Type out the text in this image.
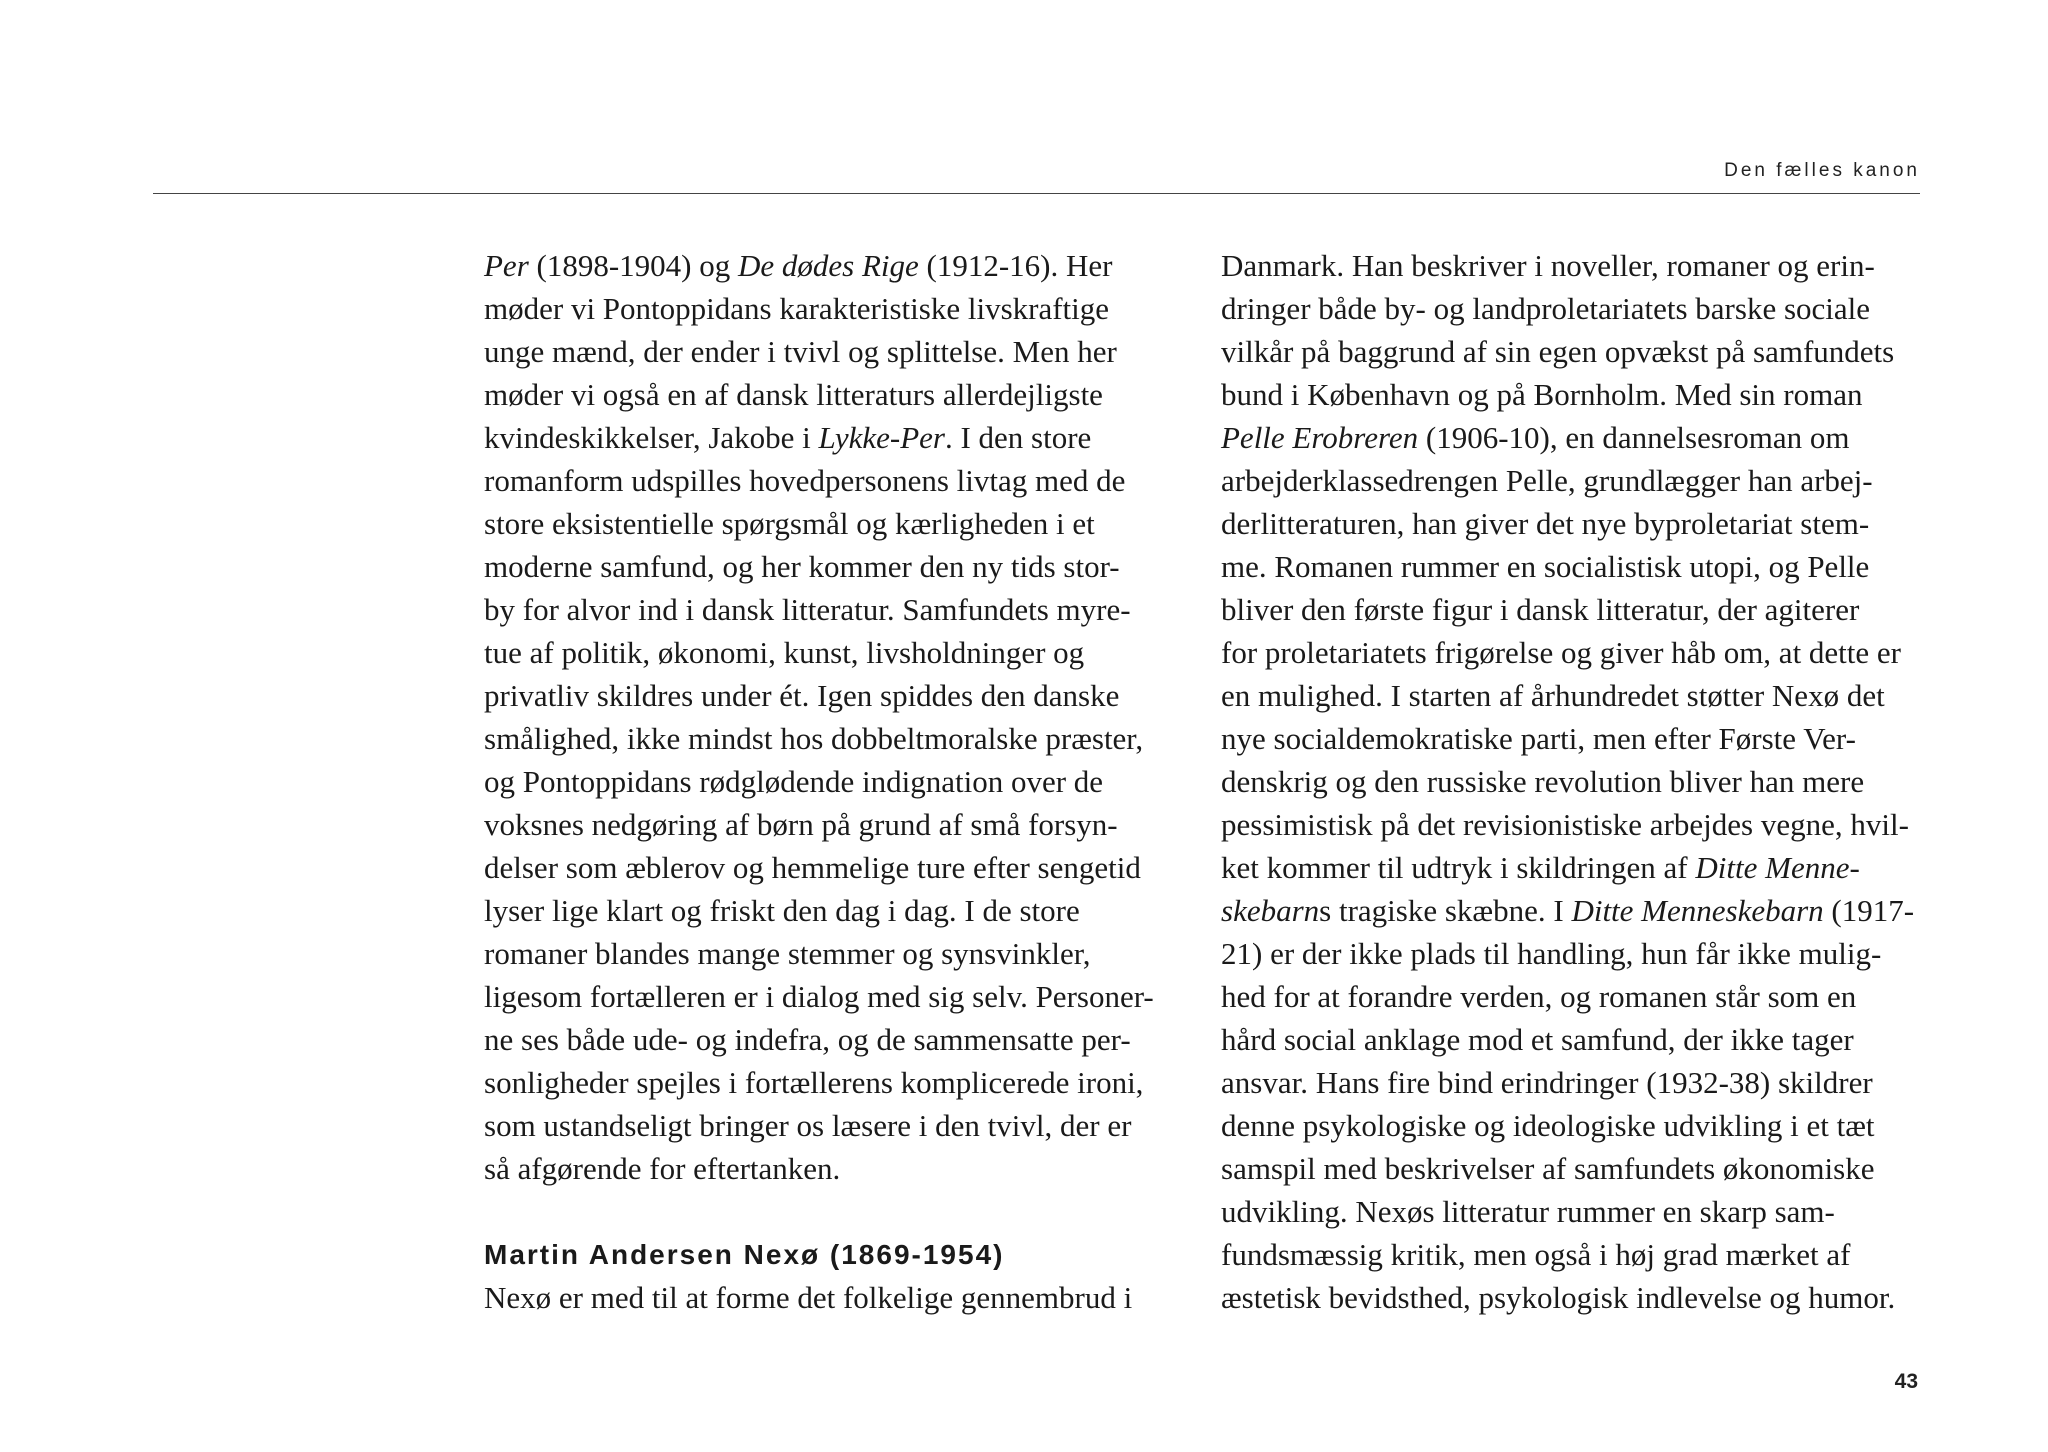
Den fælles kanon
Per (1898-1904) og De dødes Rige (1912-16). Her
møder vi Pontoppidans karakteristiske livskraftige
unge mænd, der ender i tvivl og splittelse. Men her
møder vi også en af dansk litteraturs allerdejligste
kvindeskikkelser, Jakobe i Lykke-Per. I den store
romanform udspilles hovedpersonens livtag med de
store eksistentielle spørgsmål og kærligheden i et
moderne samfund, og her kommer den ny tids stor-
by for alvor ind i dansk litteratur. Samfundets myre-
tue af politik, økonomi, kunst, livsholdninger og
privatliv skildres under ét. Igen spiddes den danske
smålighed, ikke mindst hos dobbeltmoralske præster,
og Pontoppidans rødglødende indignation over de
voksnes nedgøring af børn på grund af små forsyn-
delser som æblerov og hemmelige ture efter sengetid
lyser lige klart og friskt den dag i dag. I de store
romaner blandes mange stemmer og synsvinkler,
ligesom fortælleren er i dialog med sig selv. Personer-
ne ses både ude- og indefra, og de sammensatte per-
sonligheder spejles i fortællerens komplicerede ironi,
som ustandseligt bringer os læsere i den tvivl, der er
så afgørende for eftertanken.
Martin Andersen Nexø (1869-1954)
Nexø er med til at forme det folkelige gennembrud i
Danmark. Han beskriver i noveller, romaner og erin-
dringer både by- og landproletariatets barske sociale
vilkår på baggrund af sin egen opvækst på samfundets
bund i København og på Bornholm. Med sin roman
Pelle Erobreren (1906-10), en dannelsesroman om
arbejderklassedrengen Pelle, grundlægger han arbej-
derlitteraturen, han giver det nye byproletariat stem-
me. Romanen rummer en socialistisk utopi, og Pelle
bliver den første figur i dansk litteratur, der agiterer
for proletariatets frigørelse og giver håb om, at dette er
en mulighed. I starten af århundredet støtter Nexø det
nye socialdemokratiske parti, men efter Første Ver-
denskrig og den russiske revolution bliver han mere
pessimistisk på det revisionistiske arbejdes vegne, hvil-
ket kommer til udtryk i skildringen af Ditte Menne-
skebarns tragiske skæbne. I Ditte Menneskebarn (1917-
21) er der ikke plads til handling, hun får ikke mulig-
hed for at forandre verden, og romanen står som en
hård social anklage mod et samfund, der ikke tager
ansvar. Hans fire bind erindringer (1932-38) skildrer
denne psykologiske og ideologiske udvikling i et tæt
samspil med beskrivelser af samfundets økonomiske
udvikling. Nexøs litteratur rummer en skarp sam-
fundsmæssig kritik, men også i høj grad mærket af
æstetisk bevidsthed, psykologisk indlevelse og humor.
43
